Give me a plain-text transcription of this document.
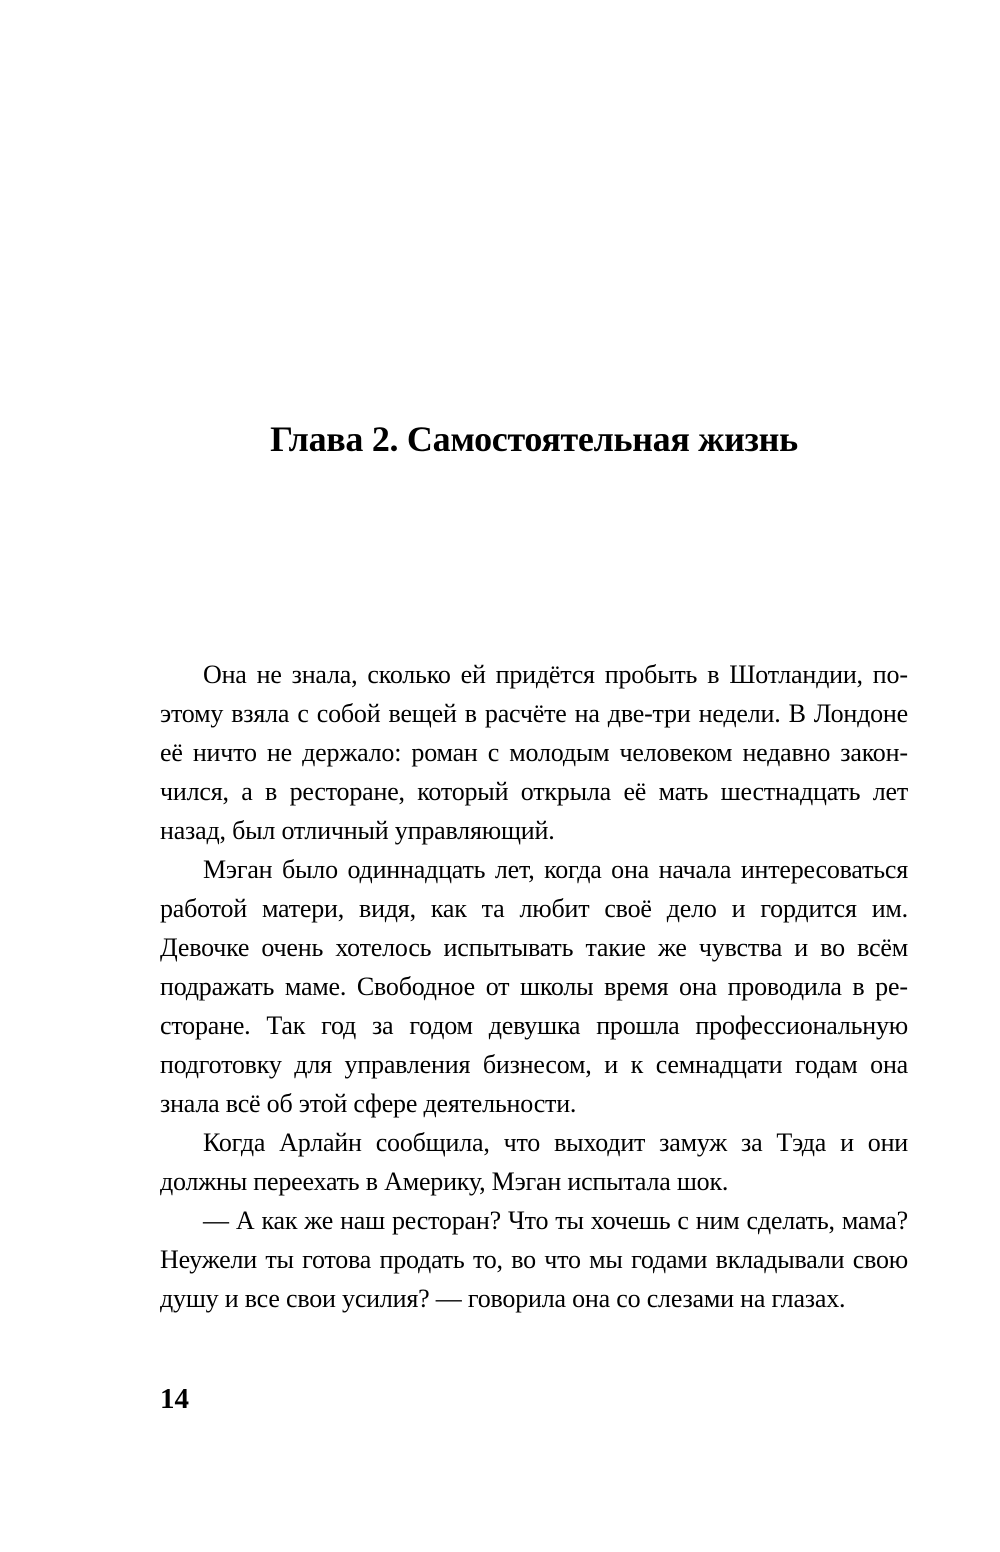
Глава 2. Самостоятельная жизнь

Она не знала, сколько ей придётся пробыть в Шотландии, поэтому взяла с собой вещей в расчёте на две-три недели. В Лондоне её ничто не держало: роман с молодым человеком недавно закончился, а в ресторане, который открыла её мать шестнадцать лет назад, был отличный управляющий.

Мэган было одиннадцать лет, когда она начала интересоваться работой матери, видя, как та любит своё дело и гордится им. Девочке очень хотелось испытывать такие же чувства и во всём подражать маме. Свободное от школы время она проводила в ресторане. Так год за годом девушка прошла профессиональную подготовку для управления бизнесом, и к семнадцати годам она знала всё об этой сфере деятельности.

Когда Арлайн сообщила, что выходит замуж за Тэда и они должны переехать в Америку, Мэган испытала шок.

— А как же наш ресторан? Что ты хочешь с ним сделать, мама? Неужели ты готова продать то, во что мы годами вкладывали свою душу и все свои усилия? — говорила она со слезами на глазах.

14
